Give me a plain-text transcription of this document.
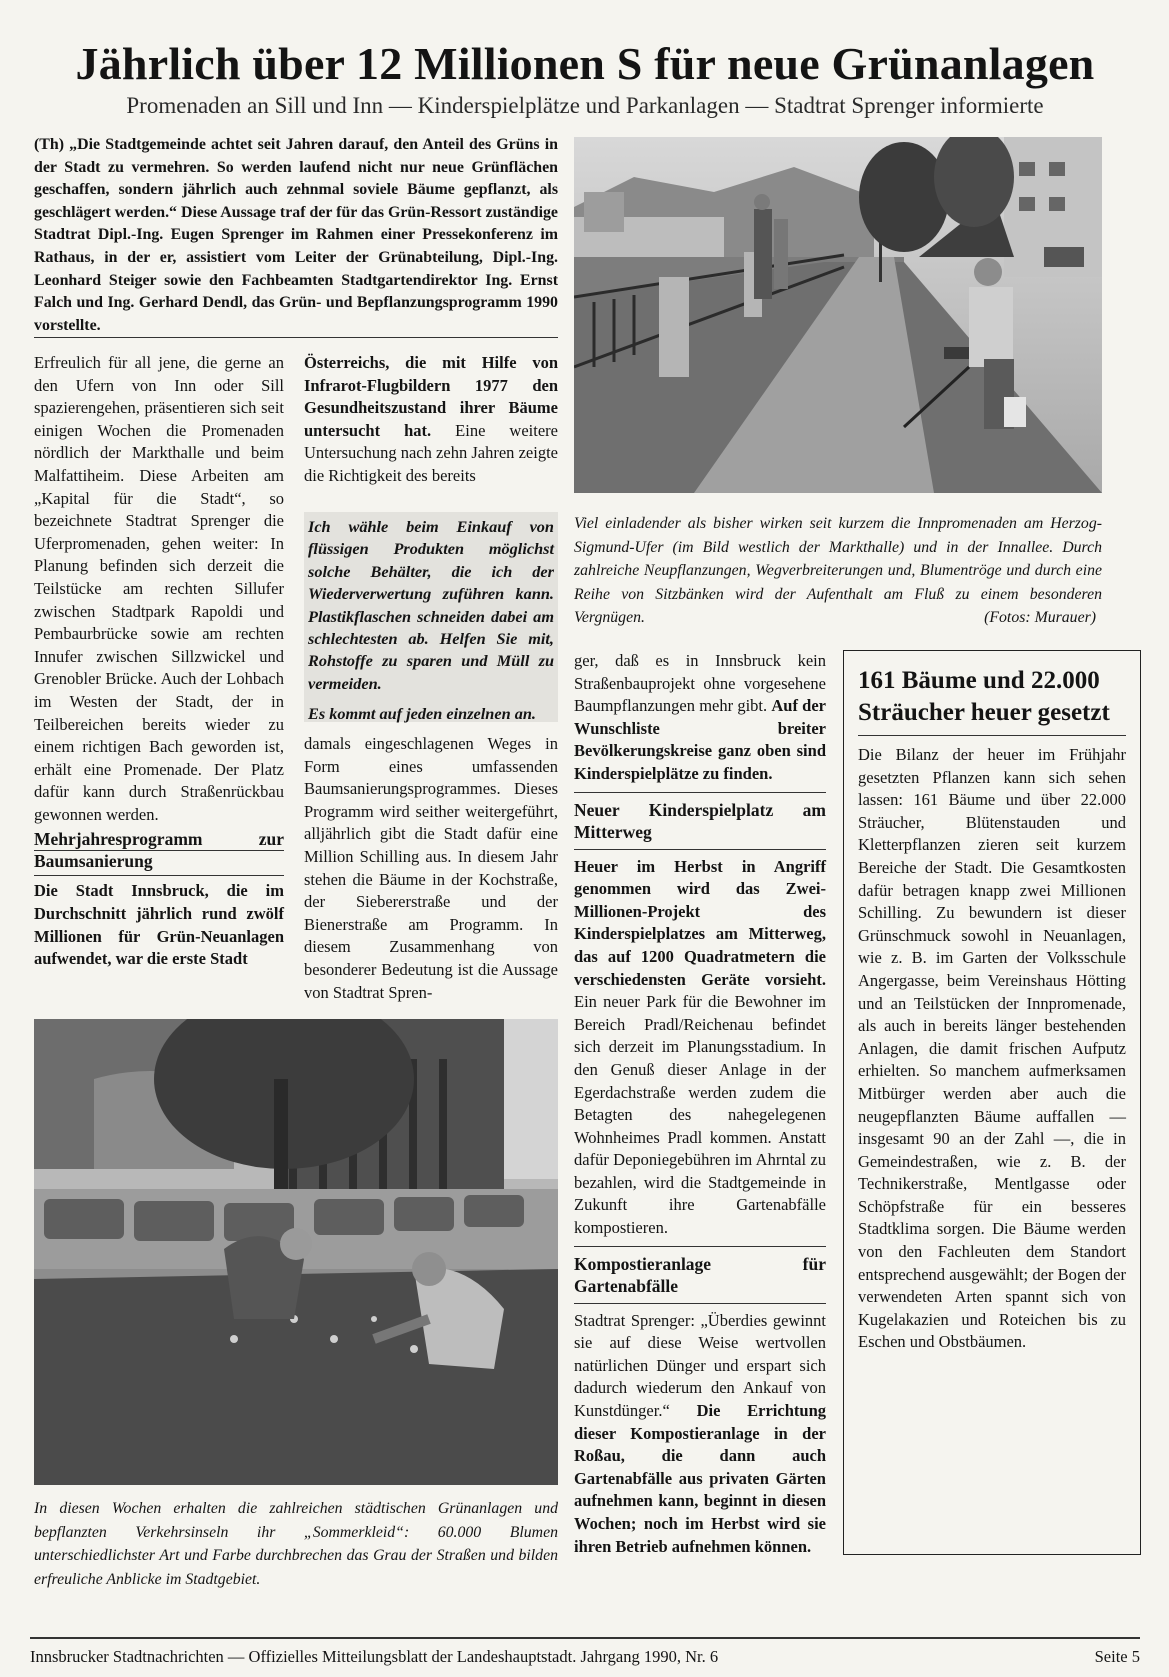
Jährlich über 12 Millionen S für neue Grünanlagen
Promenaden an Sill und Inn — Kinderspielplätze und Parkanlagen — Stadtrat Sprenger informierte
(Th) „Die Stadtgemeinde achtet seit Jahren darauf, den Anteil des Grüns in der Stadt zu vermehren. So werden laufend nicht nur neue Grünflächen geschaffen, sondern jährlich auch zehnmal soviele Bäume gepflanzt, als geschlägert werden.“ Diese Aussage traf der für das Grün-Ressort zuständige Stadtrat Dipl.-Ing. Eugen Sprenger im Rahmen einer Pressekonferenz im Rathaus, in der er, assistiert vom Leiter der Grünabteilung, Dipl.-Ing. Leonhard Steiger sowie den Fachbeamten Stadtgartendirektor Ing. Ernst Falch und Ing. Gerhard Dendl, das Grün- und Bepflanzungsprogramm 1990 vorstellte.
Viel einladender als bisher wirken seit kurzem die Innpromenaden am Herzog-Sigmund-Ufer (im Bild westlich der Markthalle) und in der Innallee. Durch zahlreiche Neupflanzungen, Wegverbreiterungen und, Blumentröge und durch eine Reihe von Sitzbänken wird der Aufenthalt am Fluß zu einem besonderen Vergnügen.	(Fotos: Murauer)

Erfreulich für all jene, die gerne an den Ufern von Inn oder Sill spazierengehen, präsentieren sich seit einigen Wochen die Promenaden nördlich der Markthalle und beim Malfattiheim. Diese Arbeiten am „Kapital für die Stadt“, so bezeichnete Stadtrat Sprenger die Uferpromenaden, gehen weiter: In Planung befinden sich derzeit die Teilstücke am rechten Sillufer zwischen Stadtpark Rapoldi und Pembaurbrücke sowie am rechten Innufer zwischen Sillzwickel und Grenobler Brücke. Auch der Lohbach im Westen der Stadt, der in Teilbereichen bereits wieder zu einem richtigen Bach geworden ist, erhält eine Promenade. Der Platz dafür kann durch Straßenrückbau gewonnen werden.

Mehrjahresprogramm zur Baumsanierung

Die Stadt Innsbruck, die im Durchschnitt jährlich rund zwölf Millionen für Grün-Neuanlagen aufwendet, war die erste Stadt

Österreichs, die mit Hilfe von Infrarot-Flugbildern 1977 den Gesundheitszustand ihrer Bäume untersucht hat. Eine weitere Untersuchung nach zehn Jahren zeigte die Richtigkeit des bereits

Ich wähle beim Einkauf von flüssigen Produkten möglichst solche Behälter, die ich der Wiederverwertung zuführen kann. Plastikflaschen schneiden dabei am schlechtesten ab. Helfen Sie mit, Rohstoffe zu sparen und Müll zu vermeiden.

Es kommt auf jeden einzelnen an.

damals eingeschlagenen Weges in Form eines umfassenden Baumsanierungsprogrammes. Dieses Programm wird seither weitergeführt, alljährlich gibt die Stadt dafür eine Million Schilling aus. In diesem Jahr stehen die Bäume in der Kochstraße, der Siebererstraße und der Bienerstraße am Programm. In diesem Zusammenhang von besonderer Bedeutung ist die Aussage von Stadtrat Spren-

In diesen Wochen erhalten die zahlreichen städtischen Grünanlagen und bepflanzten Verkehrsinseln ihr „Sommerkleid“: 60.000 Blumen unterschiedlichster Art und Farbe durchbrechen das Grau der Straßen und bilden erfreuliche Anblicke im Stadtgebiet.

ger, daß es in Innsbruck kein Straßenbauprojekt ohne vorgesehene Baumpflanzungen mehr gibt. Auf der Wunschliste breiter Bevölkerungskreise ganz oben sind Kinderspielplätze zu finden.

Neuer Kinderspielplatz am Mitterweg

Heuer im Herbst in Angriff genommen wird das Zwei-Millionen-Projekt des Kinderspielplatzes am Mitterweg, das auf 1200 Quadratmetern die verschiedensten Geräte vorsieht. Ein neuer Park für die Bewohner im Bereich Pradl/Reichenau befindet sich derzeit im Planungsstadium. In den Genuß dieser Anlage in der Egerdachstraße werden zudem die Betagten des nahegelegenen Wohnheimes Pradl kommen. Anstatt dafür Deponiegebühren im Ahrntal zu bezahlen, wird die Stadtgemeinde in Zukunft ihre Gartenabfälle kompostieren.

Kompostieranlage für Gartenabfälle

Stadtrat Sprenger: „Überdies gewinnt sie auf diese Weise wertvollen natürlichen Dünger und erspart sich dadurch wiederum den Ankauf von Kunstdünger.“ Die Errichtung dieser Kompostieranlage in der Roßau, die dann auch Gartenabfälle aus privaten Gärten aufnehmen kann, beginnt in diesen Wochen; noch im Herbst wird sie ihren Betrieb aufnehmen können.

161 Bäume und 22.000 Sträucher heuer gesetzt

Die Bilanz der heuer im Frühjahr gesetzten Pflanzen kann sich sehen lassen: 161 Bäume und über 22.000 Sträucher, Blütenstauden und Kletterpflanzen zieren seit kurzem Bereiche der Stadt. Die Gesamtkosten dafür betragen knapp zwei Millionen Schilling. Zu bewundern ist dieser Grünschmuck sowohl in Neuanlagen, wie z. B. im Garten der Volksschule Angergasse, beim Vereinshaus Hötting und an Teilstücken der Innpromenade, als auch in bereits länger bestehenden Anlagen, die damit frischen Aufputz erhielten. So manchem aufmerksamen Mitbürger werden aber auch die neugepflanzten Bäume auffallen — insgesamt 90 an der Zahl —, die in Gemeindestraßen, wie z. B. der Technikerstraße, Mentlgasse oder Schöpfstraße für ein besseres Stadtklima sorgen. Die Bäume werden von den Fachleuten dem Standort entsprechend ausgewählt; der Bogen der verwendeten Arten spannt sich von Kugelakazien und Roteichen bis zu Eschen und Obstbäumen.

Innsbrucker Stadtnachrichten — Offizielles Mitteilungsblatt der Landeshauptstadt. Jahrgang 1990, Nr. 6	Seite 5
